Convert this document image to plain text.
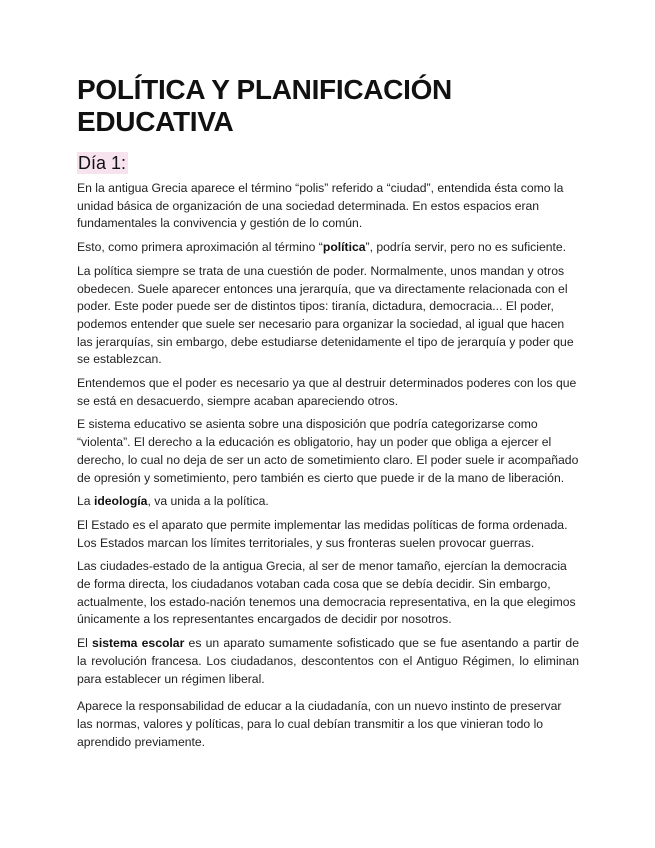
POLÍTICA Y PLANIFICACIÓN EDUCATIVA
Día 1:

En la antigua Grecia aparece el término “polis” referido a “ciudad”, entendida ésta como la unidad básica de organización de una sociedad determinada. En estos espacios eran fundamentales la convivencia y gestión de lo común.

Esto, como primera aproximación al término “política”, podría servir, pero no es suficiente.

La política siempre se trata de una cuestión de poder. Normalmente, unos mandan y otros obedecen. Suele aparecer entonces una jerarquía, que va directamente relacionada con el poder. Este poder puede ser de distintos tipos: tiranía, dictadura, democracia... El poder, podemos entender que suele ser necesario para organizar la sociedad, al igual que hacen las jerarquías, sin embargo, debe estudiarse detenidamente el tipo de jerarquía y poder que se establezcan.

Entendemos que el poder es necesario ya que al destruir determinados poderes con los que se está en desacuerdo, siempre acaban apareciendo otros.

E sistema educativo se asienta sobre una disposición que podría categorizarse como “violenta”. El derecho a la educación es obligatorio, hay un poder que obliga a ejercer el derecho, lo cual no deja de ser un acto de sometimiento claro. El poder suele ir acompañado de opresión y sometimiento, pero también es cierto que puede ir de la mano de liberación.

La ideología, va unida a la política.

El Estado es el aparato que permite implementar las medidas políticas de forma ordenada.
Los Estados marcan los límites territoriales, y sus fronteras suelen provocar guerras.

Las ciudades-estado de la antigua Grecia, al ser de menor tamaño, ejercían la democracia de forma directa, los ciudadanos votaban cada cosa que se debía decidir. Sin embargo, actualmente, los estado-nación tenemos una democracia representativa, en la que elegimos únicamente a los representantes encargados de decidir por nosotros.

El sistema escolar es un aparato sumamente sofisticado que se fue asentando a partir de la revolución francesa. Los ciudadanos, descontentos con el Antiguo Régimen, lo eliminan para establecer un régimen liberal.

Aparece la responsabilidad de educar a la ciudadanía, con un nuevo instinto de preservar las normas, valores y políticas, para lo cual debían transmitir a los que vinieran todo lo aprendido previamente.
